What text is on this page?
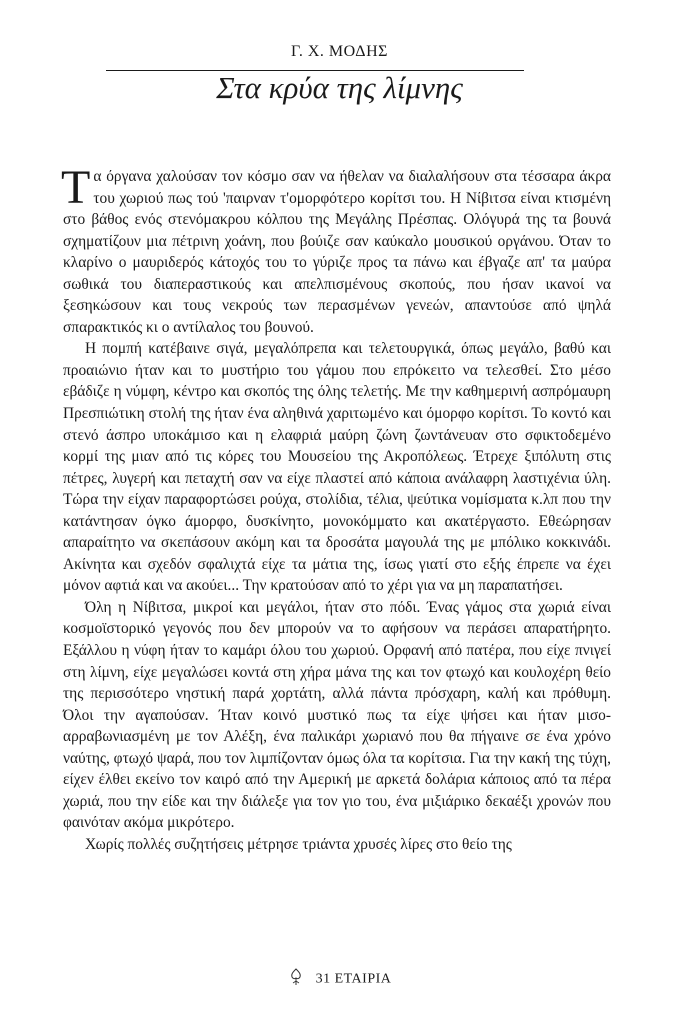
Γ. Χ. ΜΟΔΗΣ
Στα κρύα της λίμνης

Τα όργανα χαλούσαν τον κόσμο σαν να ήθελαν να διαλαλήσουν στα τέσσαρα άκρα του χωριού πως τού 'παιρναν τ'ομορφότερο κορίτσι του. Η Νίβιτσα είναι κτισμένη στο βάθος ενός στενόμακρου κόλπου της Μεγάλης Πρέσπας. Ολόγυρά της τα βουνά σχηματίζουν μια πέτρινη χοάνη, που βούιζε σαν καύκαλο μουσικού οργάνου. Όταν το κλαρίνο ο μαυριδερός κάτοχός του το γύριζε προς τα πάνω και έβγαζε απ' τα μαύρα σωθικά του διαπεραστικούς και απελπισμένους σκοπούς, που ήσαν ικανοί να ξεσηκώσουν και τους νεκρούς των περασμένων γενεών, απαντούσε από ψηλά σπαρακτικός κι ο αντίλαλος του βουνού.

Η πομπή κατέβαινε σιγά, μεγαλόπρεπα και τελετουργικά, όπως μεγάλο, βαθύ και προαιώνιο ήταν και το μυστήριο του γάμου που επρόκειτο να τελεσθεί. Στο μέσο εβάδιζε η νύμφη, κέντρο και σκοπός της όλης τελετής. Με την καθημερινή ασπρόμαυρη Πρεσπιώτικη στολή της ήταν ένα αληθινά χαριτωμένο και όμορφο κορίτσι. Το κοντό και στενό άσπρο υποκάμισο και η ελαφριά μαύρη ζώνη ζωντάνευαν στο σφικτοδεμένο κορμί της μιαν από τις κόρες του Μουσείου της Ακροπόλεως. Έτρεχε ξιπόλυτη στις πέτρες, λυγερή και πεταχτή σαν να είχε πλαστεί από κάποια ανάλαφρη λαστιχένια ύλη. Τώρα την είχαν παραφορτώσει ρούχα, στολίδια, τέλια, ψεύτικα νομίσματα κ.λπ που την κατάντησαν όγκο άμορφο, δυσκίνητο, μονοκόμματο και ακατέργαστο. Εθεώρησαν απαραίτητο να σκεπάσουν ακόμη και τα δροσάτα μαγουλά της με μπόλικο κοκκινάδι. Ακίνητα και σχεδόν σφαλιχτά είχε τα μάτια της, ίσως γιατί στο εξής έπρεπε να έχει μόνον αφτιά και να ακούει... Την κρατούσαν από το χέρι για να μη παραπατήσει.

Όλη η Νίβιτσα, μικροί και μεγάλοι, ήταν στο πόδι. Ένας γάμος στα χωριά είναι κοσμοϊστορικό γεγονός που δεν μπορούν να το αφήσουν να περάσει απαρατήρητο. Εξάλλου η νύφη ήταν το καμάρι όλου του χωριού. Ορφανή από πατέρα, που είχε πνιγεί στη λίμνη, είχε μεγαλώσει κοντά στη χήρα μάνα της και τον φτωχό και κουλοχέρη θείο της περισσότερο νηστική παρά χορτάτη, αλλά πάντα πρόσχαρη, καλή και πρόθυμη. Όλοι την αγαπούσαν. Ήταν κοινό μυστικό πως τα είχε ψήσει και ήταν μισο-αρραβωνιασμένη με τον Αλέξη, ένα παλικάρι χωριανό που θα πήγαινε σε ένα χρόνο ναύτης, φτωχό ψαρά, που τον λιμπίζονταν όμως όλα τα κορίτσια. Για την κακή της τύχη, είχεν έλθει εκείνο τον καιρό από την Αμερική με αρκετά δολάρια κάποιος από τα πέρα χωριά, που την είδε και την διάλεξε για τον γιο του, ένα μιξιάρικο δεκαέξι χρονών που φαινόταν ακόμα μικρότερο.

Χωρίς πολλές συζητήσεις μέτρησε τριάντα χρυσές λίρες στο θείο της

31 ΕΤΑΙΡΙΑ
